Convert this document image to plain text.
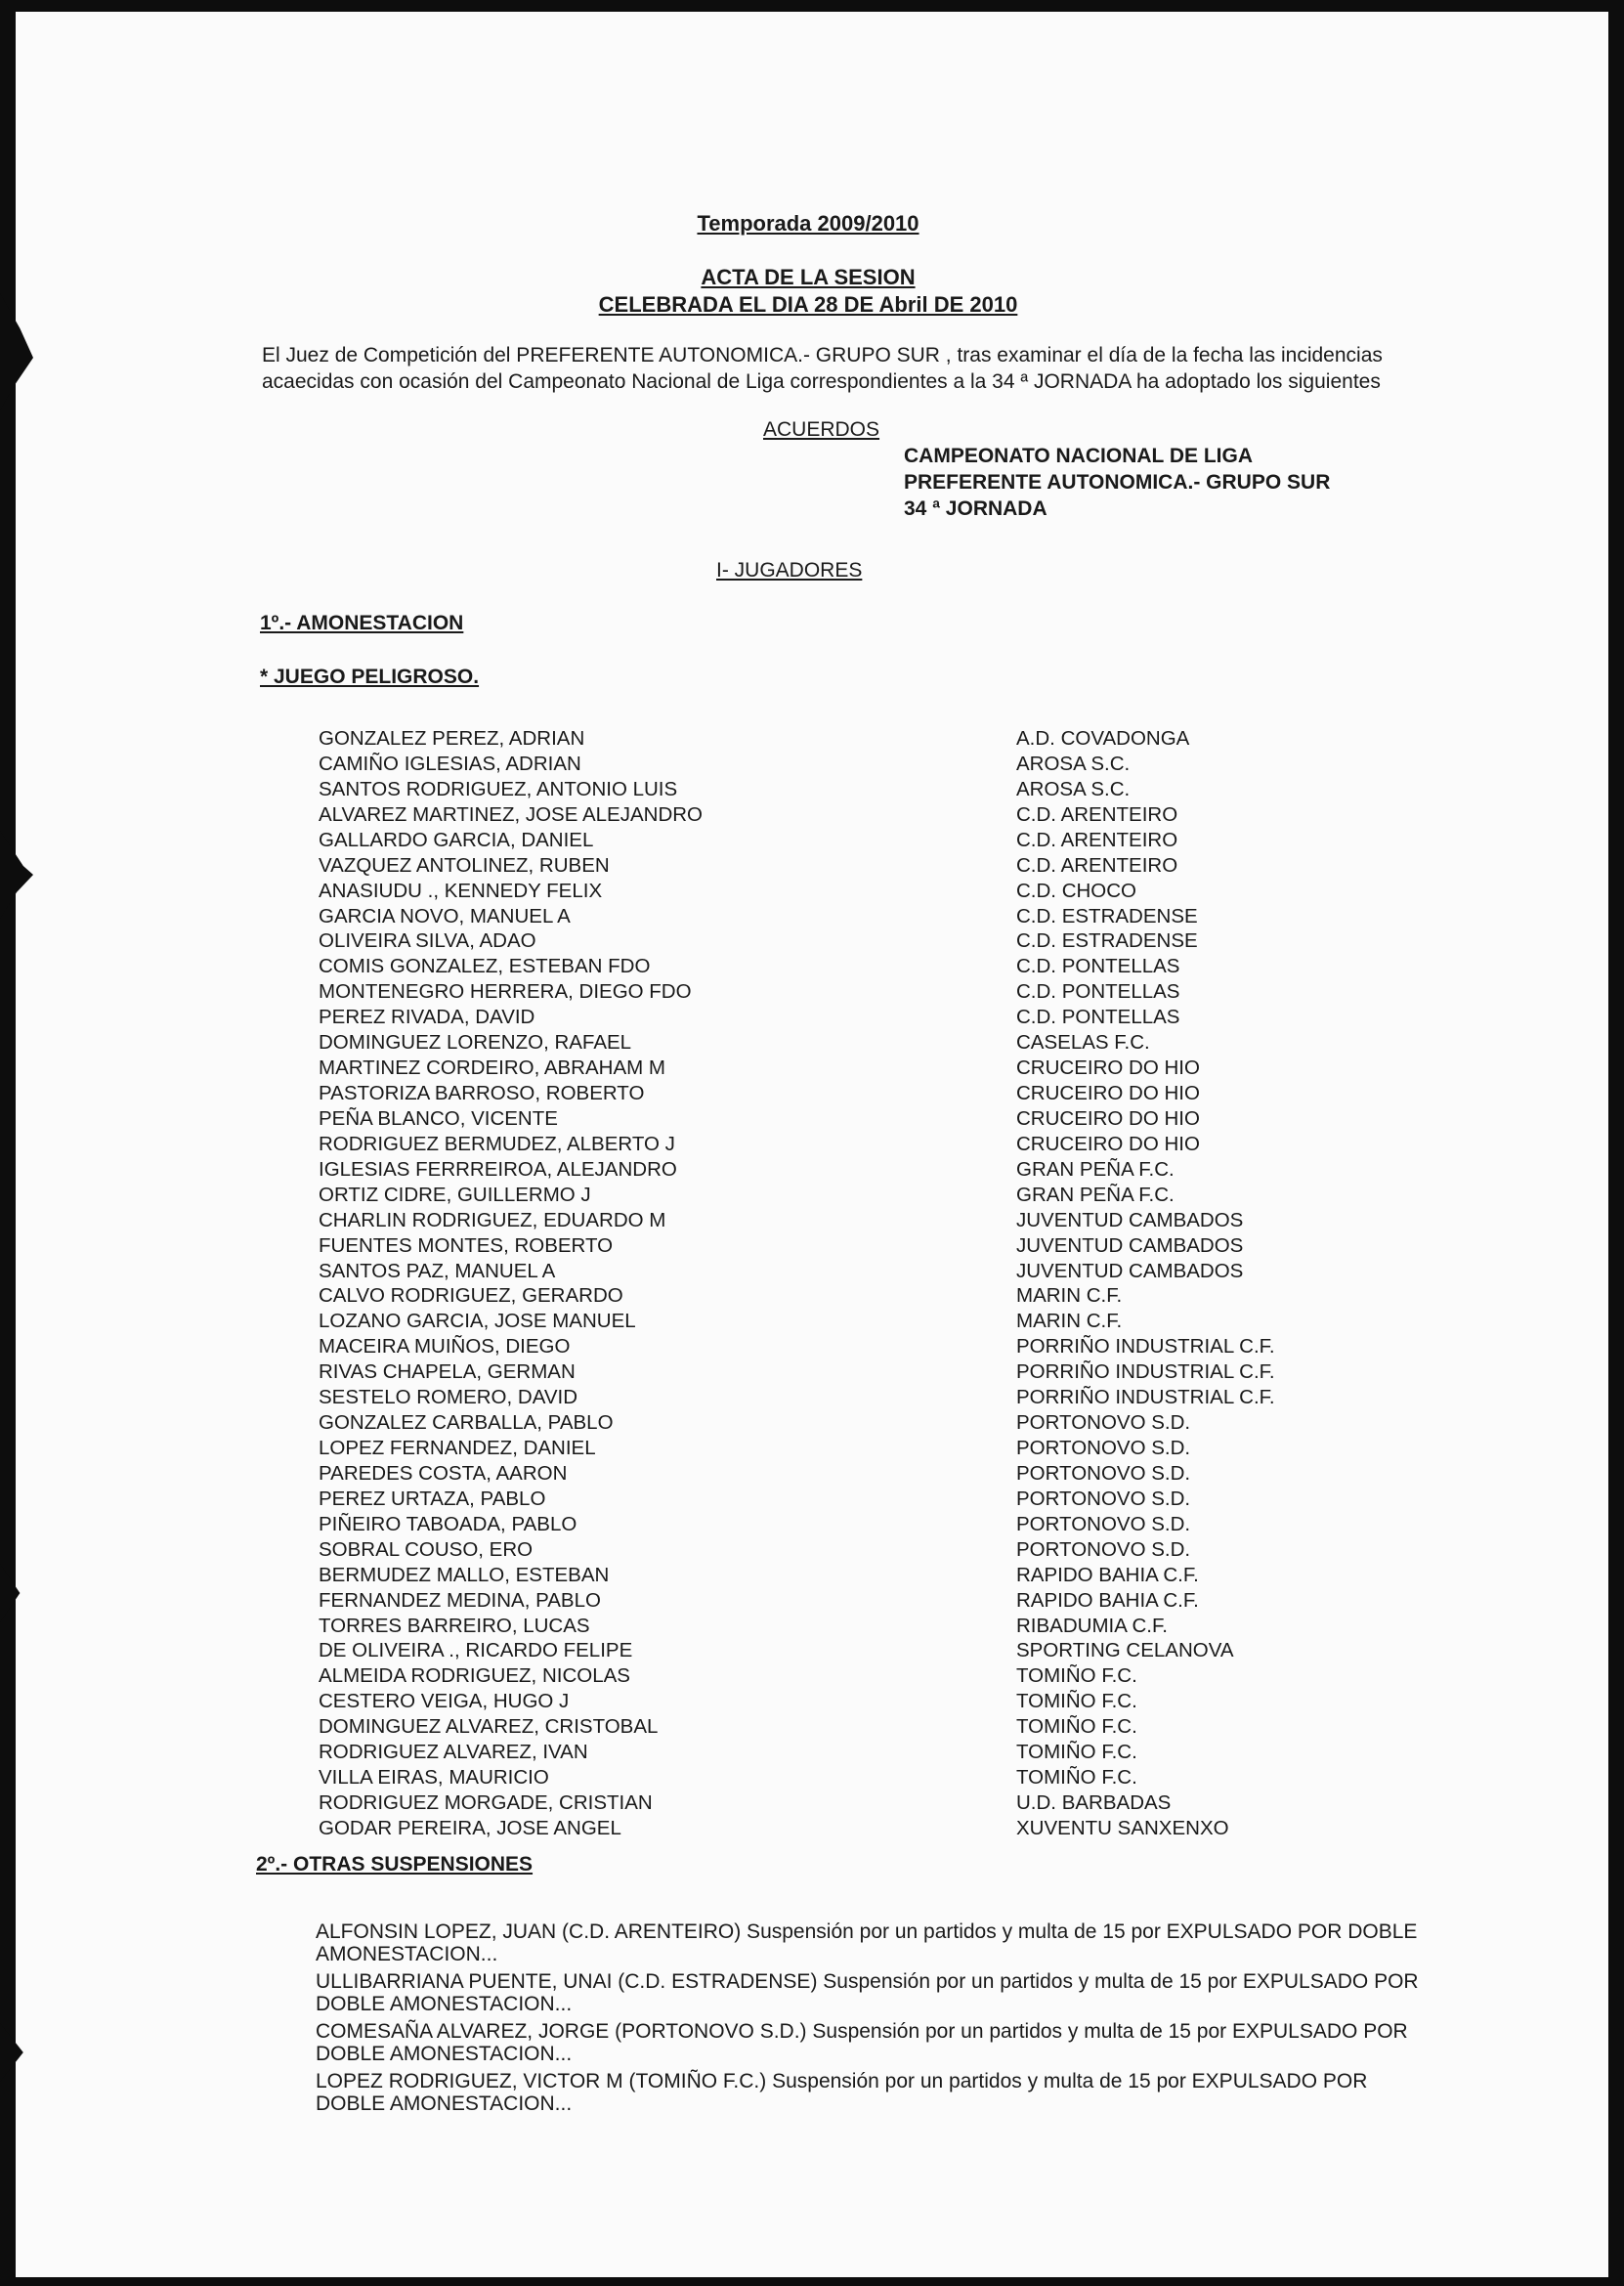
Temporada 2009/2010
ACTA DE LA SESION
CELEBRADA EL DIA 28 DE Abril DE 2010
El Juez de Competición del PREFERENTE AUTONOMICA.- GRUPO SUR , tras examinar el día de la fecha las incidencias
acaecidas con ocasión del Campeonato Nacional de Liga correspondientes a la 34 ª JORNADA ha adoptado los siguientes
ACUERDOS
CAMPEONATO NACIONAL DE LIGA
PREFERENTE AUTONOMICA.- GRUPO SUR
34 ª JORNADA
I- JUGADORES
1º.- AMONESTACION
* JUEGO PELIGROSO.
GONZALEZ PEREZ, ADRIAN	A.D. COVADONGA
CAMIÑO IGLESIAS, ADRIAN	AROSA S.C.
SANTOS RODRIGUEZ, ANTONIO LUIS	AROSA S.C.
ALVAREZ MARTINEZ, JOSE ALEJANDRO	C.D. ARENTEIRO
GALLARDO GARCIA, DANIEL	C.D. ARENTEIRO
VAZQUEZ ANTOLINEZ, RUBEN	C.D. ARENTEIRO
ANASIUDU ., KENNEDY FELIX	C.D. CHOCO
GARCIA NOVO, MANUEL A	C.D. ESTRADENSE
OLIVEIRA SILVA, ADAO	C.D. ESTRADENSE
COMIS GONZALEZ, ESTEBAN FDO	C.D. PONTELLAS
MONTENEGRO HERRERA, DIEGO FDO	C.D. PONTELLAS
PEREZ RIVADA, DAVID	C.D. PONTELLAS
DOMINGUEZ LORENZO, RAFAEL	CASELAS F.C.
MARTINEZ CORDEIRO, ABRAHAM M	CRUCEIRO DO HIO
PASTORIZA BARROSO, ROBERTO	CRUCEIRO DO HIO
PEÑA BLANCO, VICENTE	CRUCEIRO DO HIO
RODRIGUEZ BERMUDEZ, ALBERTO J	CRUCEIRO DO HIO
IGLESIAS FERRREIROA, ALEJANDRO	GRAN PEÑA F.C.
ORTIZ CIDRE, GUILLERMO J	GRAN PEÑA F.C.
CHARLIN RODRIGUEZ, EDUARDO M	JUVENTUD CAMBADOS
FUENTES MONTES, ROBERTO	JUVENTUD CAMBADOS
SANTOS PAZ, MANUEL A	JUVENTUD CAMBADOS
CALVO RODRIGUEZ, GERARDO	MARIN C.F.
LOZANO GARCIA, JOSE MANUEL	MARIN C.F.
MACEIRA MUIÑOS, DIEGO	PORRIÑO INDUSTRIAL C.F.
RIVAS CHAPELA, GERMAN	PORRIÑO INDUSTRIAL C.F.
SESTELO ROMERO, DAVID	PORRIÑO INDUSTRIAL C.F.
GONZALEZ CARBALLA, PABLO	PORTONOVO S.D.
LOPEZ FERNANDEZ, DANIEL	PORTONOVO S.D.
PAREDES COSTA, AARON	PORTONOVO S.D.
PEREZ URTAZA, PABLO	PORTONOVO S.D.
PIÑEIRO TABOADA, PABLO	PORTONOVO S.D.
SOBRAL COUSO, ERO	PORTONOVO S.D.
BERMUDEZ MALLO, ESTEBAN	RAPIDO BAHIA C.F.
FERNANDEZ MEDINA, PABLO	RAPIDO BAHIA C.F.
TORRES BARREIRO, LUCAS	RIBADUMIA C.F.
DE OLIVEIRA ., RICARDO FELIPE	SPORTING CELANOVA
ALMEIDA RODRIGUEZ, NICOLAS	TOMIÑO F.C.
CESTERO VEIGA, HUGO J	TOMIÑO F.C.
DOMINGUEZ ALVAREZ, CRISTOBAL	TOMIÑO F.C.
RODRIGUEZ ALVAREZ, IVAN	TOMIÑO F.C.
VILLA EIRAS, MAURICIO	TOMIÑO F.C.
RODRIGUEZ MORGADE, CRISTIAN	U.D. BARBADAS
GODAR PEREIRA, JOSE ANGEL	XUVENTU SANXENXO
2º.- OTRAS SUSPENSIONES
ALFONSIN LOPEZ, JUAN (C.D. ARENTEIRO) Suspensión por un partidos y multa de 15 por EXPULSADO POR DOBLE
AMONESTACION...
ULLIBARRIANA PUENTE, UNAI (C.D. ESTRADENSE) Suspensión por un partidos y multa de 15 por EXPULSADO POR
DOBLE AMONESTACION...
COMESAÑA ALVAREZ, JORGE (PORTONOVO S.D.) Suspensión por un partidos y multa de 15 por EXPULSADO POR
DOBLE AMONESTACION...
LOPEZ RODRIGUEZ, VICTOR M (TOMIÑO F.C.) Suspensión por un partidos y multa de 15 por EXPULSADO POR
DOBLE AMONESTACION...
